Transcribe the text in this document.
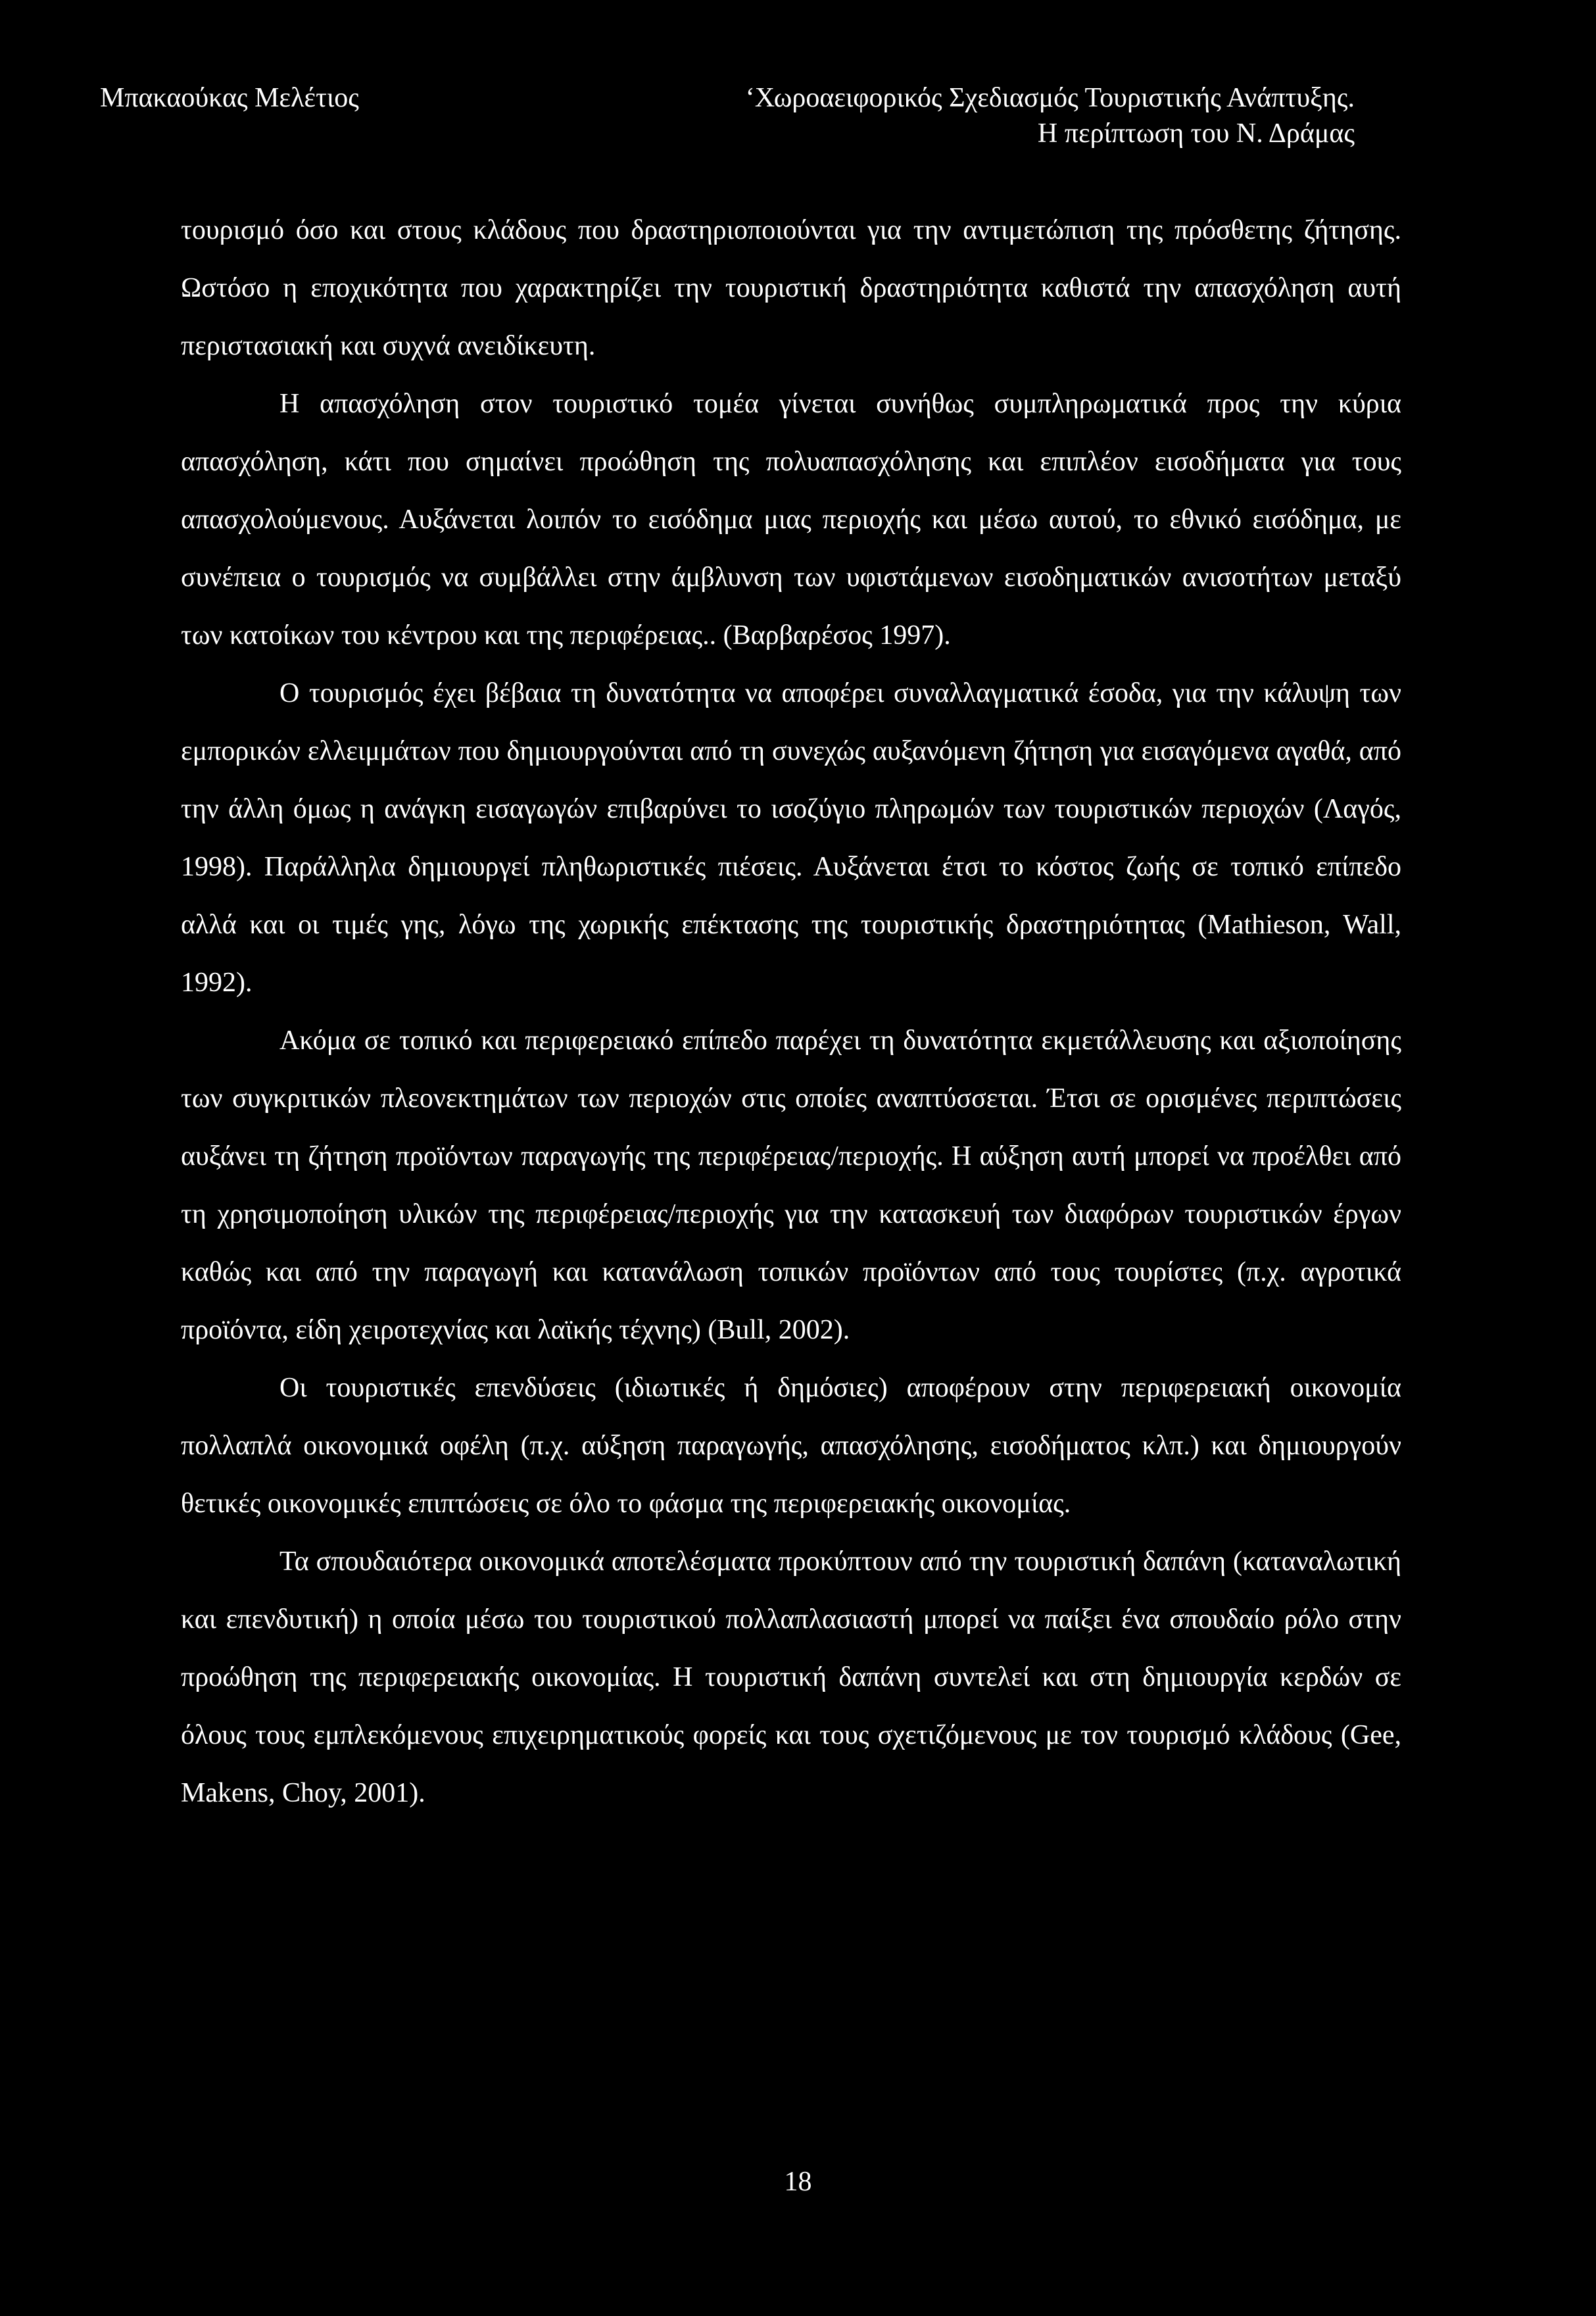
Μπακαούκας Μελέτιος	‘Χωροαειφορικός Σχεδιασμός Τουριστικής Ανάπτυξης.
Η περίπτωση του Ν. Δράμας

τουρισμό όσο και στους κλάδους που δραστηριοποιούνται για την αντιμετώπιση της πρόσθετης ζήτησης. Ωστόσο η εποχικότητα που χαρακτηρίζει την τουριστική δραστηριότητα καθιστά την απασχόληση αυτή περιστασιακή και συχνά ανειδίκευτη.

Η απασχόληση στον τουριστικό τομέα γίνεται συνήθως συμπληρωματικά προς την κύρια απασχόληση, κάτι που σημαίνει προώθηση της πολυαπασχόλησης και επιπλέον εισοδήματα για τους απασχολούμενους. Αυξάνεται λοιπόν το εισόδημα μιας περιοχής και μέσω αυτού, το εθνικό εισόδημα, με συνέπεια ο τουρισμός να συμβάλλει στην άμβλυνση των υφιστάμενων εισοδηματικών ανισοτήτων μεταξύ των κατοίκων του κέντρου και της περιφέρειας.. (Βαρβαρέσος 1997).

Ο τουρισμός έχει βέβαια τη δυνατότητα να αποφέρει συναλλαγματικά έσοδα, για την κάλυψη των εμπορικών ελλειμμάτων που δημιουργούνται από τη συνεχώς αυξανόμενη ζήτηση για εισαγόμενα αγαθά, από την άλλη όμως η ανάγκη εισαγωγών επιβαρύνει το ισοζύγιο πληρωμών των τουριστικών περιοχών (Λαγός, 1998). Παράλληλα δημιουργεί πληθωριστικές πιέσεις. Αυξάνεται έτσι το κόστος ζωής σε τοπικό επίπεδο αλλά και οι τιμές γης, λόγω της χωρικής επέκτασης της τουριστικής δραστηριότητας (Mathieson, Wall, 1992).

Ακόμα σε τοπικό και περιφερειακό επίπεδο παρέχει τη δυνατότητα εκμετάλλευσης και αξιοποίησης των συγκριτικών πλεονεκτημάτων των περιοχών στις οποίες αναπτύσσεται. Έτσι σε ορισμένες περιπτώσεις αυξάνει τη ζήτηση προϊόντων παραγωγής της περιφέρειας/περιοχής. Η αύξηση αυτή μπορεί να προέλθει από τη χρησιμοποίηση υλικών της περιφέρειας/περιοχής για την κατασκευή των διαφόρων τουριστικών έργων καθώς και από την παραγωγή και κατανάλωση τοπικών προϊόντων από τους τουρίστες (π.χ. αγροτικά προϊόντα, είδη χειροτεχνίας και λαϊκής τέχνης) (Bull, 2002).

Οι τουριστικές επενδύσεις (ιδιωτικές ή δημόσιες) αποφέρουν στην περιφερειακή οικονομία πολλαπλά οικονομικά οφέλη (π.χ. αύξηση παραγωγής, απασχόλησης, εισοδήματος κλπ.) και δημιουργούν θετικές οικονομικές επιπτώσεις σε όλο το φάσμα της περιφερειακής οικονομίας.

Τα σπουδαιότερα οικονομικά αποτελέσματα προκύπτουν από την τουριστική δαπάνη (καταναλωτική και επενδυτική) η οποία μέσω του τουριστικού πολλαπλασιαστή μπορεί να παίξει ένα σπουδαίο ρόλο στην προώθηση της περιφερειακής οικονομίας. Η τουριστική δαπάνη συντελεί και στη δημιουργία κερδών σε όλους τους εμπλεκόμενους επιχειρηματικούς φορείς και τους σχετιζόμενους με τον τουρισμό κλάδους (Gee, Makens, Choy, 2001).

18
